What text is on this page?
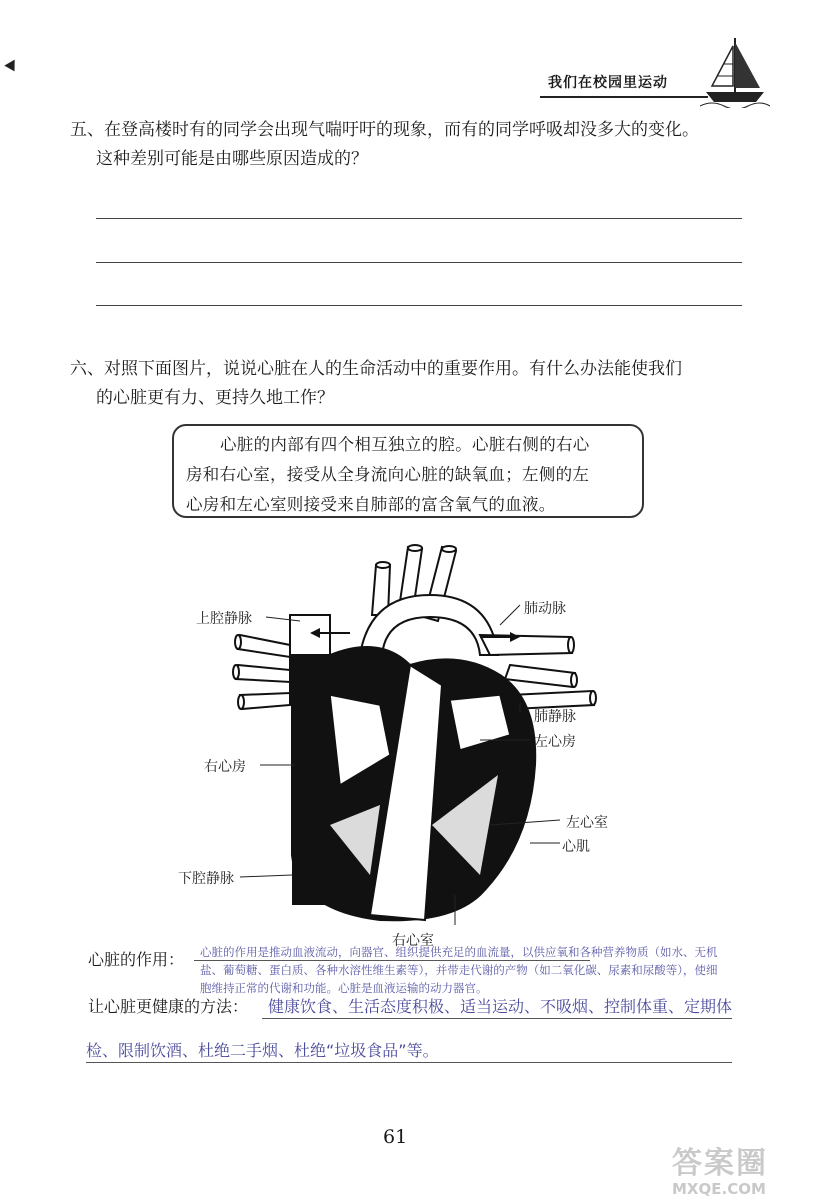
我们在校园里运动
五、在登高楼时有的同学会出现气喘吁吁的现象，而有的同学呼吸却没多大的变化。
这种差别可能是由哪些原因造成的？
六、对照下面图片，说说心脏在人的生命活动中的重要作用。有什么办法能使我们
的心脏更有力、更持久地工作？
心脏的内部有四个相互独立的腔。心脏右侧的右心
房和右心室，接受从全身流向心脏的缺氧血；左侧的左
心房和左心室则接受来自肺部的富含氧气的血液。
上腔静脉
肺动脉
肺静脉
左心房
右心房
左心室
心肌
下腔静脉
右心室
心脏的作用： 心脏的作用是推动血液流动，向器官、组织提供充足的血流量，以供应氧和各种营养物质（如水、无机
盐、葡萄糖、蛋白质、各种水溶性维生素等），并带走代谢的产物（如二氧化碳、尿素和尿酸等），使细
胞维持正常的代谢和功能。心脏是血液运输的动力器官。
让心脏更健康的方法： 健康饮食、生活态度积极、适当运动、不吸烟、控制体重、定期体
检、限制饮酒、杜绝二手烟、杜绝“垃圾食品”等。
61
答案圈
MXQE.COM
